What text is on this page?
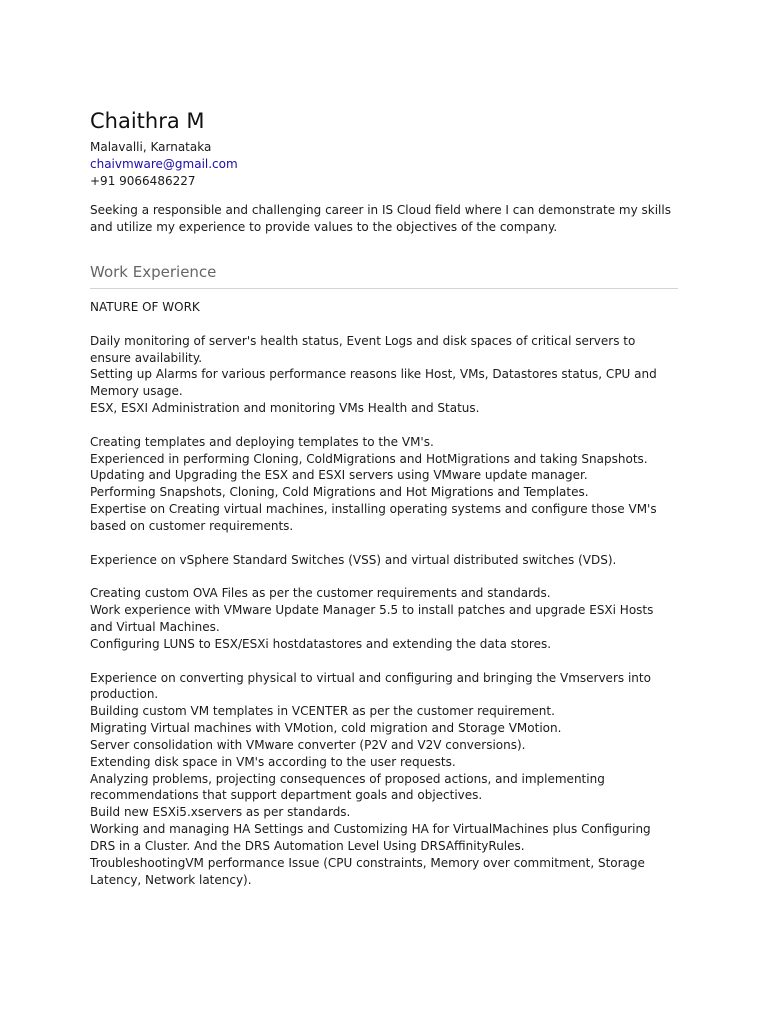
Chaithra M
Malavalli, Karnataka
chaivmware@gmail.com
+91 9066486227

Seeking a responsible and challenging career in IS Cloud field where I can demonstrate my skills and utilize my experience to provide values to the objectives of the company.

Work Experience

NATURE OF WORK

Daily monitoring of server's health status, Event Logs and disk spaces of critical servers to ensure availability.

Setting up Alarms for various performance reasons like Host, VMs, Datastores status, CPU and Memory usage.

ESX, ESXI Administration and monitoring VMs Health and Status.

Creating templates and deploying templates to the VM's.

Experienced in performing Cloning, ColdMigrations and HotMigrations and taking Snapshots.

Updating and Upgrading the ESX and ESXI servers using VMware update manager.

Performing Snapshots, Cloning, Cold Migrations and Hot Migrations and Templates.

Expertise on Creating virtual machines, installing operating systems and configure those VM's based on customer requirements.

Experience on vSphere Standard Switches (VSS) and virtual distributed switches (VDS).

Creating custom OVA Files as per the customer requirements and standards.

Work experience with VMware Update Manager 5.5 to install patches and upgrade ESXi Hosts and Virtual Machines.

Configuring LUNS to ESX/ESXi hostdatastores and extending the data stores.

Experience on converting physical to virtual and configuring and bringing the Vmservers into production.

Building custom VM templates in VCENTER as per the customer requirement.

Migrating Virtual machines with VMotion, cold migration and Storage VMotion.

Server consolidation with VMware converter (P2V and V2V conversions).

Extending disk space in VM's according to the user requests.

Analyzing problems, projecting consequences of proposed actions, and implementing recommendations that support department goals and objectives.

Build new ESXi5.xservers as per standards.

Working and managing HA Settings and Customizing HA for VirtualMachines plus Configuring DRS in a Cluster. And the DRS Automation Level Using DRSAffinityRules.

TroubleshootingVM performance Issue (CPU constraints, Memory over commitment, Storage Latency, Network latency).
